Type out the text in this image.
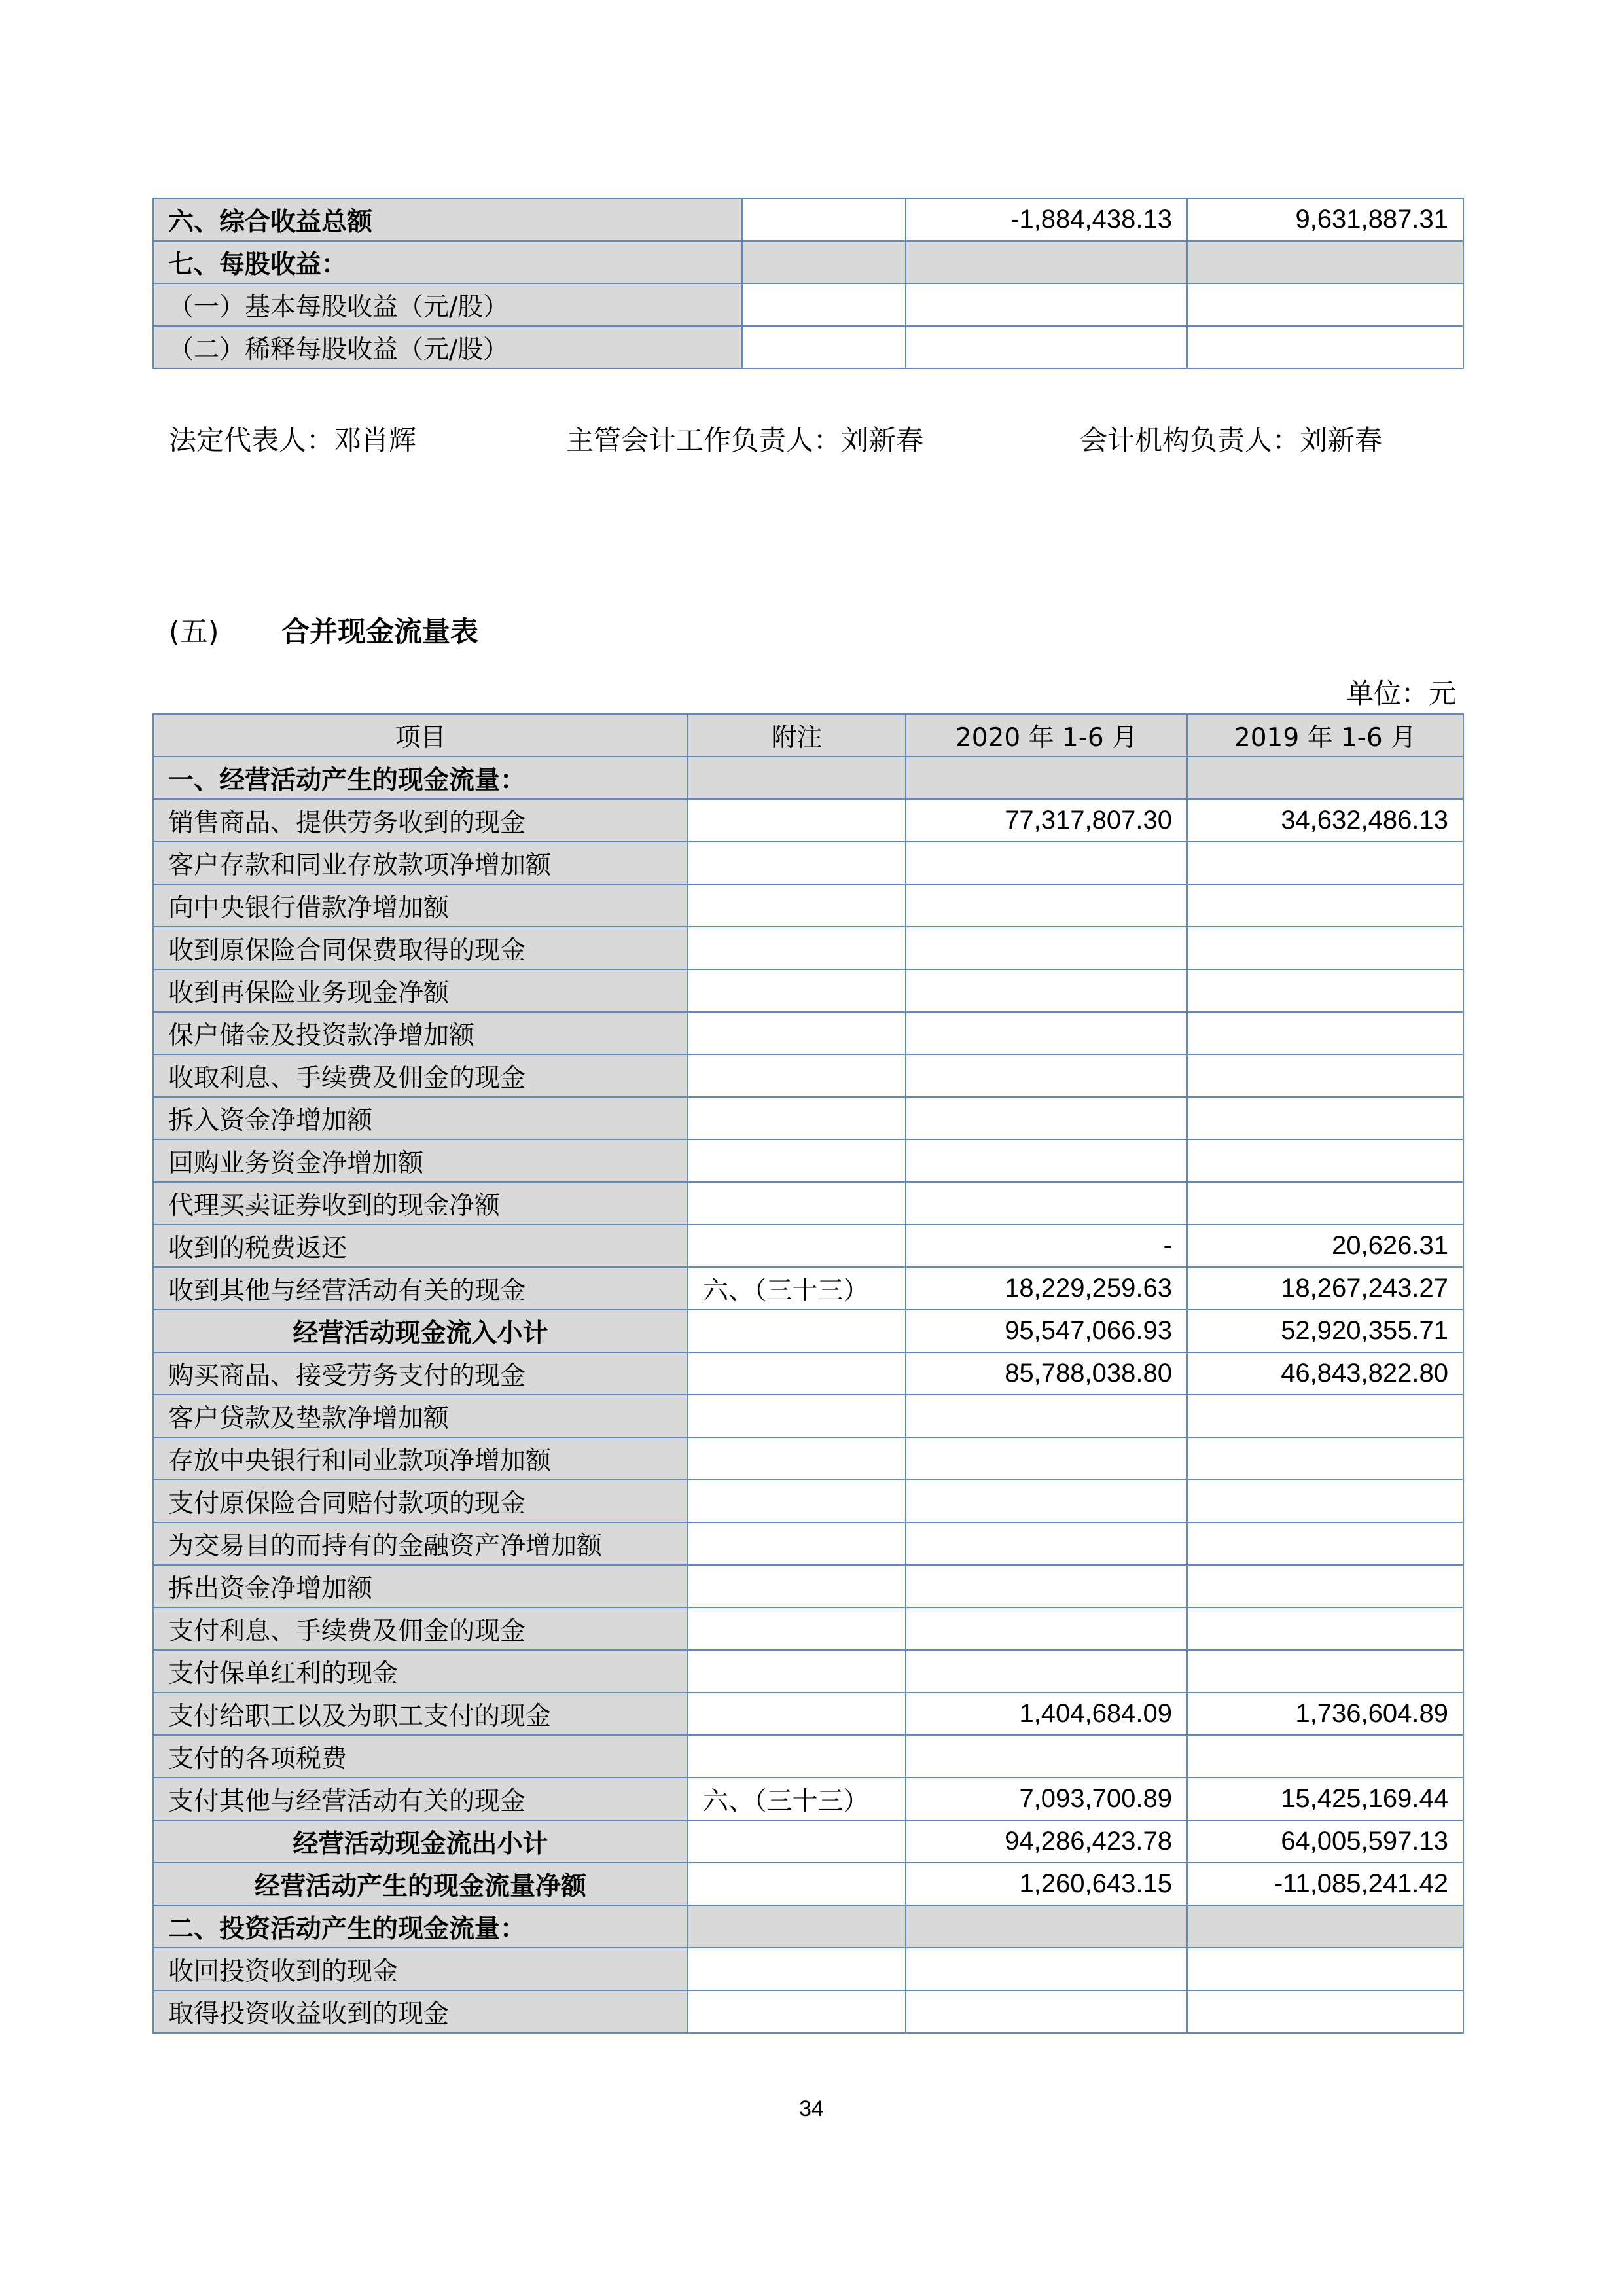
六、综合收益总额		-1,884,438.13	9,631,887.31
七、每股收益：			
（一）基本每股收益（元/股）			
（二）稀释每股收益（元/股）			
法定代表人：邓肖辉	主管会计工作负责人：刘新春	会计机构负责人：刘新春
(五) 合并现金流量表
单位：元
项目	附注	2020 年 1-6 月	2019 年 1-6 月
一、经营活动产生的现金流量：			
销售商品、提供劳务收到的现金		77,317,807.30	34,632,486.13
客户存款和同业存放款项净增加额			
向中央银行借款净增加额			
收到原保险合同保费取得的现金			
收到再保险业务现金净额			
保户储金及投资款净增加额			
收取利息、手续费及佣金的现金			
拆入资金净增加额			
回购业务资金净增加额			
代理买卖证券收到的现金净额			
收到的税费返还		-	20,626.31
收到其他与经营活动有关的现金	六、（三十三）	18,229,259.63	18,267,243.27
经营活动现金流入小计		95,547,066.93	52,920,355.71
购买商品、接受劳务支付的现金		85,788,038.80	46,843,822.80
客户贷款及垫款净增加额			
存放中央银行和同业款项净增加额			
支付原保险合同赔付款项的现金			
为交易目的而持有的金融资产净增加额			
拆出资金净增加额			
支付利息、手续费及佣金的现金			
支付保单红利的现金			
支付给职工以及为职工支付的现金		1,404,684.09	1,736,604.89
支付的各项税费			
支付其他与经营活动有关的现金	六、（三十三）	7,093,700.89	15,425,169.44
经营活动现金流出小计		94,286,423.78	64,005,597.13
经营活动产生的现金流量净额		1,260,643.15	-11,085,241.42
二、投资活动产生的现金流量：			
收回投资收到的现金			
取得投资收益收到的现金			
34
